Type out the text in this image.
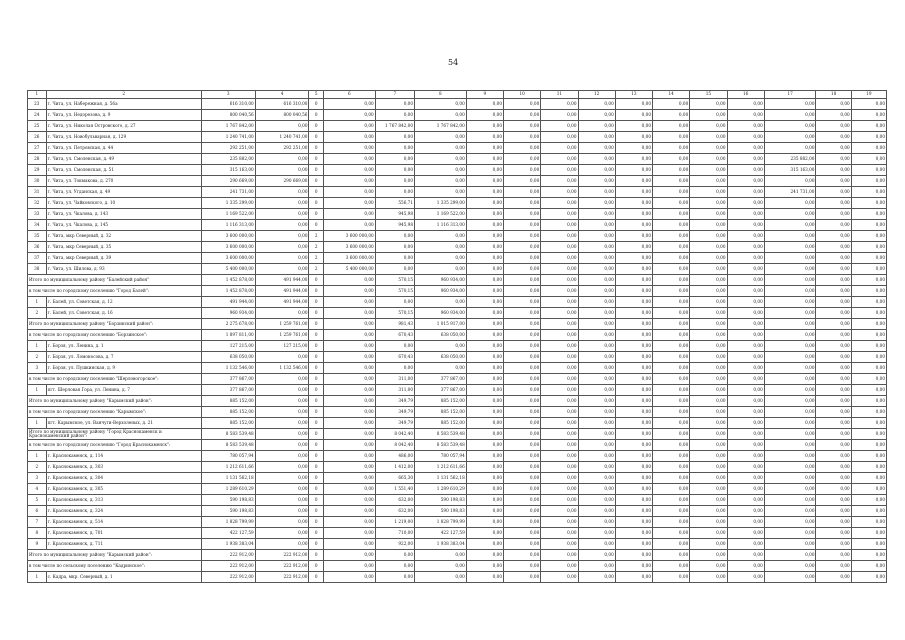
54
1	2	3	4	5	6	7	8	9	10	11	12	13	14	15	16	17	18	19
23	г. Чита, ул. Набережная, д. 56а	616 310,00	616 310,00	0	0,00	0,00	0,00	0,00	0,00	0,00	0,00	0,00	0,00	0,00	0,00	0,00	0,00	0,00
24	г. Чита, ул. Недорезова, д. 9	800 040,56	800 040,56	0	0,00	0,00	0,00	0,00	0,00	0,00	0,00	0,00	0,00	0,00	0,00	0,00	0,00	0,00
25	г. Чита, ул. Николая Островского, д. 27	1 767 842,00	0,00	0	0,00	1 767 842,00	1 767 842,00	0,00	0,00	0,00	0,00	0,00	0,00	0,00	0,00	0,00	0,00	0,00
26	г. Чита, ул. Новобульварная, д. 129	1 240 741,00	1 240 741,00	0	0,00	0,00	0,00	0,00	0,00	0,00	0,00	0,00	0,00	0,00	0,00	0,00	0,00	0,00
27	г. Чита, ул. Петровская, д. 44	292 251,00	292 251,00	0	0,00	0,00	0,00	0,00	0,00	0,00	0,00	0,00	0,00	0,00	0,00	0,00	0,00	0,00
28	г. Чита, ул. Смоленская, д. 49	235 882,00	0,00	0	0,00	0,00	0,00	0,00	0,00	0,00	0,00	0,00	0,00	0,00	0,00	235 882,00	0,00	0,00
29	г. Чита, ул. Смоленская, д. 51	315 163,00	0,00	0	0,00	0,00	0,00	0,00	0,00	0,00	0,00	0,00	0,00	0,00	0,00	315 163,00	0,00	0,00
30	г. Чита, ул. Токмакова, д. 270	290 669,00	290 669,00	0	0,00	0,00	0,00	0,00	0,00	0,00	0,00	0,00	0,00	0,00	0,00	0,00	0,00	0,00
31	г. Чита, ул. Угданская, д. 49	241 731,00	0,00	0	0,00	0,00	0,00	0,00	0,00	0,00	0,00	0,00	0,00	0,00	0,00	241 731,00	0,00	0,00
32	г. Чита, ул. Чайковского, д. 10	1 335 299,00	0,00	0	0,00	556,71	1 335 299,00	0,00	0,00	0,00	0,00	0,00	0,00	0,00	0,00	0,00	0,00	0,00
33	г. Чита, ул. Чкалова, д. 143	1 169 522,00	0,00	0	0,00	945,98	1 169 522,00	0,00	0,00	0,00	0,00	0,00	0,00	0,00	0,00	0,00	0,00	0,00
34	г. Чита, ул. Чкалова, д. 145	1 116 313,00	0,00	0	0,00	945,98	1 116 313,00	0,00	0,00	0,00	0,00	0,00	0,00	0,00	0,00	0,00	0,00	0,00
35	г. Чита, мкр Северный, д. 32	3 600 000,00	0,00	2	3 600 000,00	0,00	0,00	0,00	0,00	0,00	0,00	0,00	0,00	0,00	0,00	0,00	0,00	0,00
36	г. Чита, мкр Северный, д. 35	3 600 000,00	0,00	2	3 600 000,00	0,00	0,00	0,00	0,00	0,00	0,00	0,00	0,00	0,00	0,00	0,00	0,00	0,00
37	г. Чита, мкр Северный, д. 39	3 600 000,00	0,00	2	3 600 000,00	0,00	0,00	0,00	0,00	0,00	0,00	0,00	0,00	0,00	0,00	0,00	0,00	0,00
38	г. Чита, ул. Шилова, д. 93	5 400 000,00	0,00	2	5 400 000,00	0,00	0,00	0,00	0,00	0,00	0,00	0,00	0,00	0,00	0,00	0,00	0,00	0,00
Итого по муниципальному району "Балейский район"		1 452 878,00	491 944,00	0	0,00	570,15	960 934,00	0,00	0,00	0,00	0,00	0,00	0,00	0,00	0,00	0,00	0,00	0,00
в том числе по городскому поселению "Город Балей":		1 452 878,00	491 944,00	0	0,00	570,15	960 934,00	0,00	0,00	0,00	0,00	0,00	0,00	0,00	0,00	0,00	0,00	0,00
1	г. Балей, ул. Советская, д. 12	491 944,00	491 944,00	0	0,00	0,00	0,00	0,00	0,00	0,00	0,00	0,00	0,00	0,00	0,00	0,00	0,00	0,00
2	г. Балей, ул. Советская, д. 16	960 934,00	0,00	0	0,00	570,15	960 934,00	0,00	0,00	0,00	0,00	0,00	0,00	0,00	0,00	0,00	0,00	0,00
Итого по муниципальному району "Борзинский район":		2 275 678,00	1 259 761,00	0	0,00	981,43	1 015 917,00	0,00	0,00	0,00	0,00	0,00	0,00	0,00	0,00	0,00	0,00	0,00
в том числе по городскому поселению "Борзинское":		1 897 811,00	1 259 761,00	0	0,00	670,43	638 050,00	0,00	0,00	0,00	0,00	0,00	0,00	0,00	0,00	0,00	0,00	0,00
1	г. Борзя, ул. Ленина, д. 1	127 215,00	127 215,00	0	0,00	0,00	0,00	0,00	0,00	0,00	0,00	0,00	0,00	0,00	0,00	0,00	0,00	0,00
2	г. Борзя, ул. Ломоносова, д. 7	638 050,00	0,00	0	0,00	670,43	638 050,00	0,00	0,00	0,00	0,00	0,00	0,00	0,00	0,00	0,00	0,00	0,00
3	г. Борзя, ул. Пушкинская, д. 9	1 132 546,00	1 132 546,00	0	0,00	0,00	0,00	0,00	0,00	0,00	0,00	0,00	0,00	0,00	0,00	0,00	0,00	0,00
в том числе по городскому поселению "Шерловогорское":		377 867,00	0,00	0	0,00	311,00	377 867,00	0,00	0,00	0,00	0,00	0,00	0,00	0,00	0,00	0,00	0,00	0,00
1	пгт. Шерловая Гора, ул. Ленина, д. 7	377 867,00	0,00	0	0,00	311,00	377 867,00	0,00	0,00	0,00	0,00	0,00	0,00	0,00	0,00	0,00	0,00	0,00
Итого по муниципальному району "Карымский район":		885 152,00	0,00	0	0,00	349,79	885 152,00	0,00	0,00	0,00	0,00	0,00	0,00	0,00	0,00	0,00	0,00	0,00
в том числе по городскому поселению "Карымское":		885 152,00	0,00	0	0,00	349,79	885 152,00	0,00	0,00	0,00	0,00	0,00	0,00	0,00	0,00	0,00	0,00	0,00
1	пгт. Карымское, ул. Ванчуги-Верхоленых, д. 21	885 152,00	0,00	0	0,00	349,79	885 152,00	0,00	0,00	0,00	0,00	0,00	0,00	0,00	0,00	0,00	0,00	0,00
Итого по муниципальному району "Город Краснокаменск и Краснокаменский район":		8 583 539,48	0,00	0	0,00	8 042,40	8 583 539,48	0,00	0,00	0,00	0,00	0,00	0,00	0,00	0,00	0,00	0,00	0,00
в том числе по городскому поселению "Город Краснокаменск":		8 583 539,48	0,00	0	0,00	8 042,40	8 583 539,48	0,00	0,00	0,00	0,00	0,00	0,00	0,00	0,00	0,00	0,00	0,00
1	г. Краснокаменск, д. 114	780 057,94	0,00	0	0,00	486,00	780 057,94	0,00	0,00	0,00	0,00	0,00	0,00	0,00	0,00	0,00	0,00	0,00
2	г. Краснокаменск, д. 303	1 212 611,66	0,00	0	0,00	1 412,00	1 212 611,66	0,00	0,00	0,00	0,00	0,00	0,00	0,00	0,00	0,00	0,00	0,00
3	г. Краснокаменск, д. 304	1 131 562,18	0,00	0	0,00	665,30	1 131 562,18	0,00	0,00	0,00	0,00	0,00	0,00	0,00	0,00	0,00	0,00	0,00
4	г. Краснокаменск, д. 305	1 289 610,29	0,00	0	0,00	1 551,40	1 289 610,29	0,00	0,00	0,00	0,00	0,00	0,00	0,00	0,00	0,00	0,00	0,00
5	г. Краснокаменск, д. 313	590 198,83	0,00	0	0,00	632,00	590 198,83	0,00	0,00	0,00	0,00	0,00	0,00	0,00	0,00	0,00	0,00	0,00
6	г. Краснокаменск, д. 324	590 198,83	0,00	0	0,00	632,00	590 198,83	0,00	0,00	0,00	0,00	0,00	0,00	0,00	0,00	0,00	0,00	0,00
7	г. Краснокаменск, д. 514	1 828 799,99	0,00	0	0,00	1 219,00	1 828 799,99	0,00	0,00	0,00	0,00	0,00	0,00	0,00	0,00	0,00	0,00	0,00
8	г. Краснокаменск, д. 701	422 127,59	0,00	0	0,00	710,00	422 127,59	0,00	0,00	0,00	0,00	0,00	0,00	0,00	0,00	0,00	0,00	0,00
9	г. Краснокаменск, д. 711	1 938 383,04	0,00	0	0,00	922,00	1 938 383,04	0,00	0,00	0,00	0,00	0,00	0,00	0,00	0,00	0,00	0,00	0,00
Итого по муниципальному району "Карымский район":		222 912,00	222 912,00	0	0,00	0,00	0,00	0,00	0,00	0,00	0,00	0,00	0,00	0,00	0,00	0,00	0,00	0,00
в том числе по сельскому поселению "Кадринское":		222 912,00	222 912,00	0	0,00	0,00	0,00	0,00	0,00	0,00	0,00	0,00	0,00	0,00	0,00	0,00	0,00	0,00
1	с. Кадра, мкр. Северный, д. 1	222 912,00	222 912,00	0	0,00	0,00	0,00	0,00	0,00	0,00	0,00	0,00	0,00	0,00	0,00	0,00	0,00	0,00
